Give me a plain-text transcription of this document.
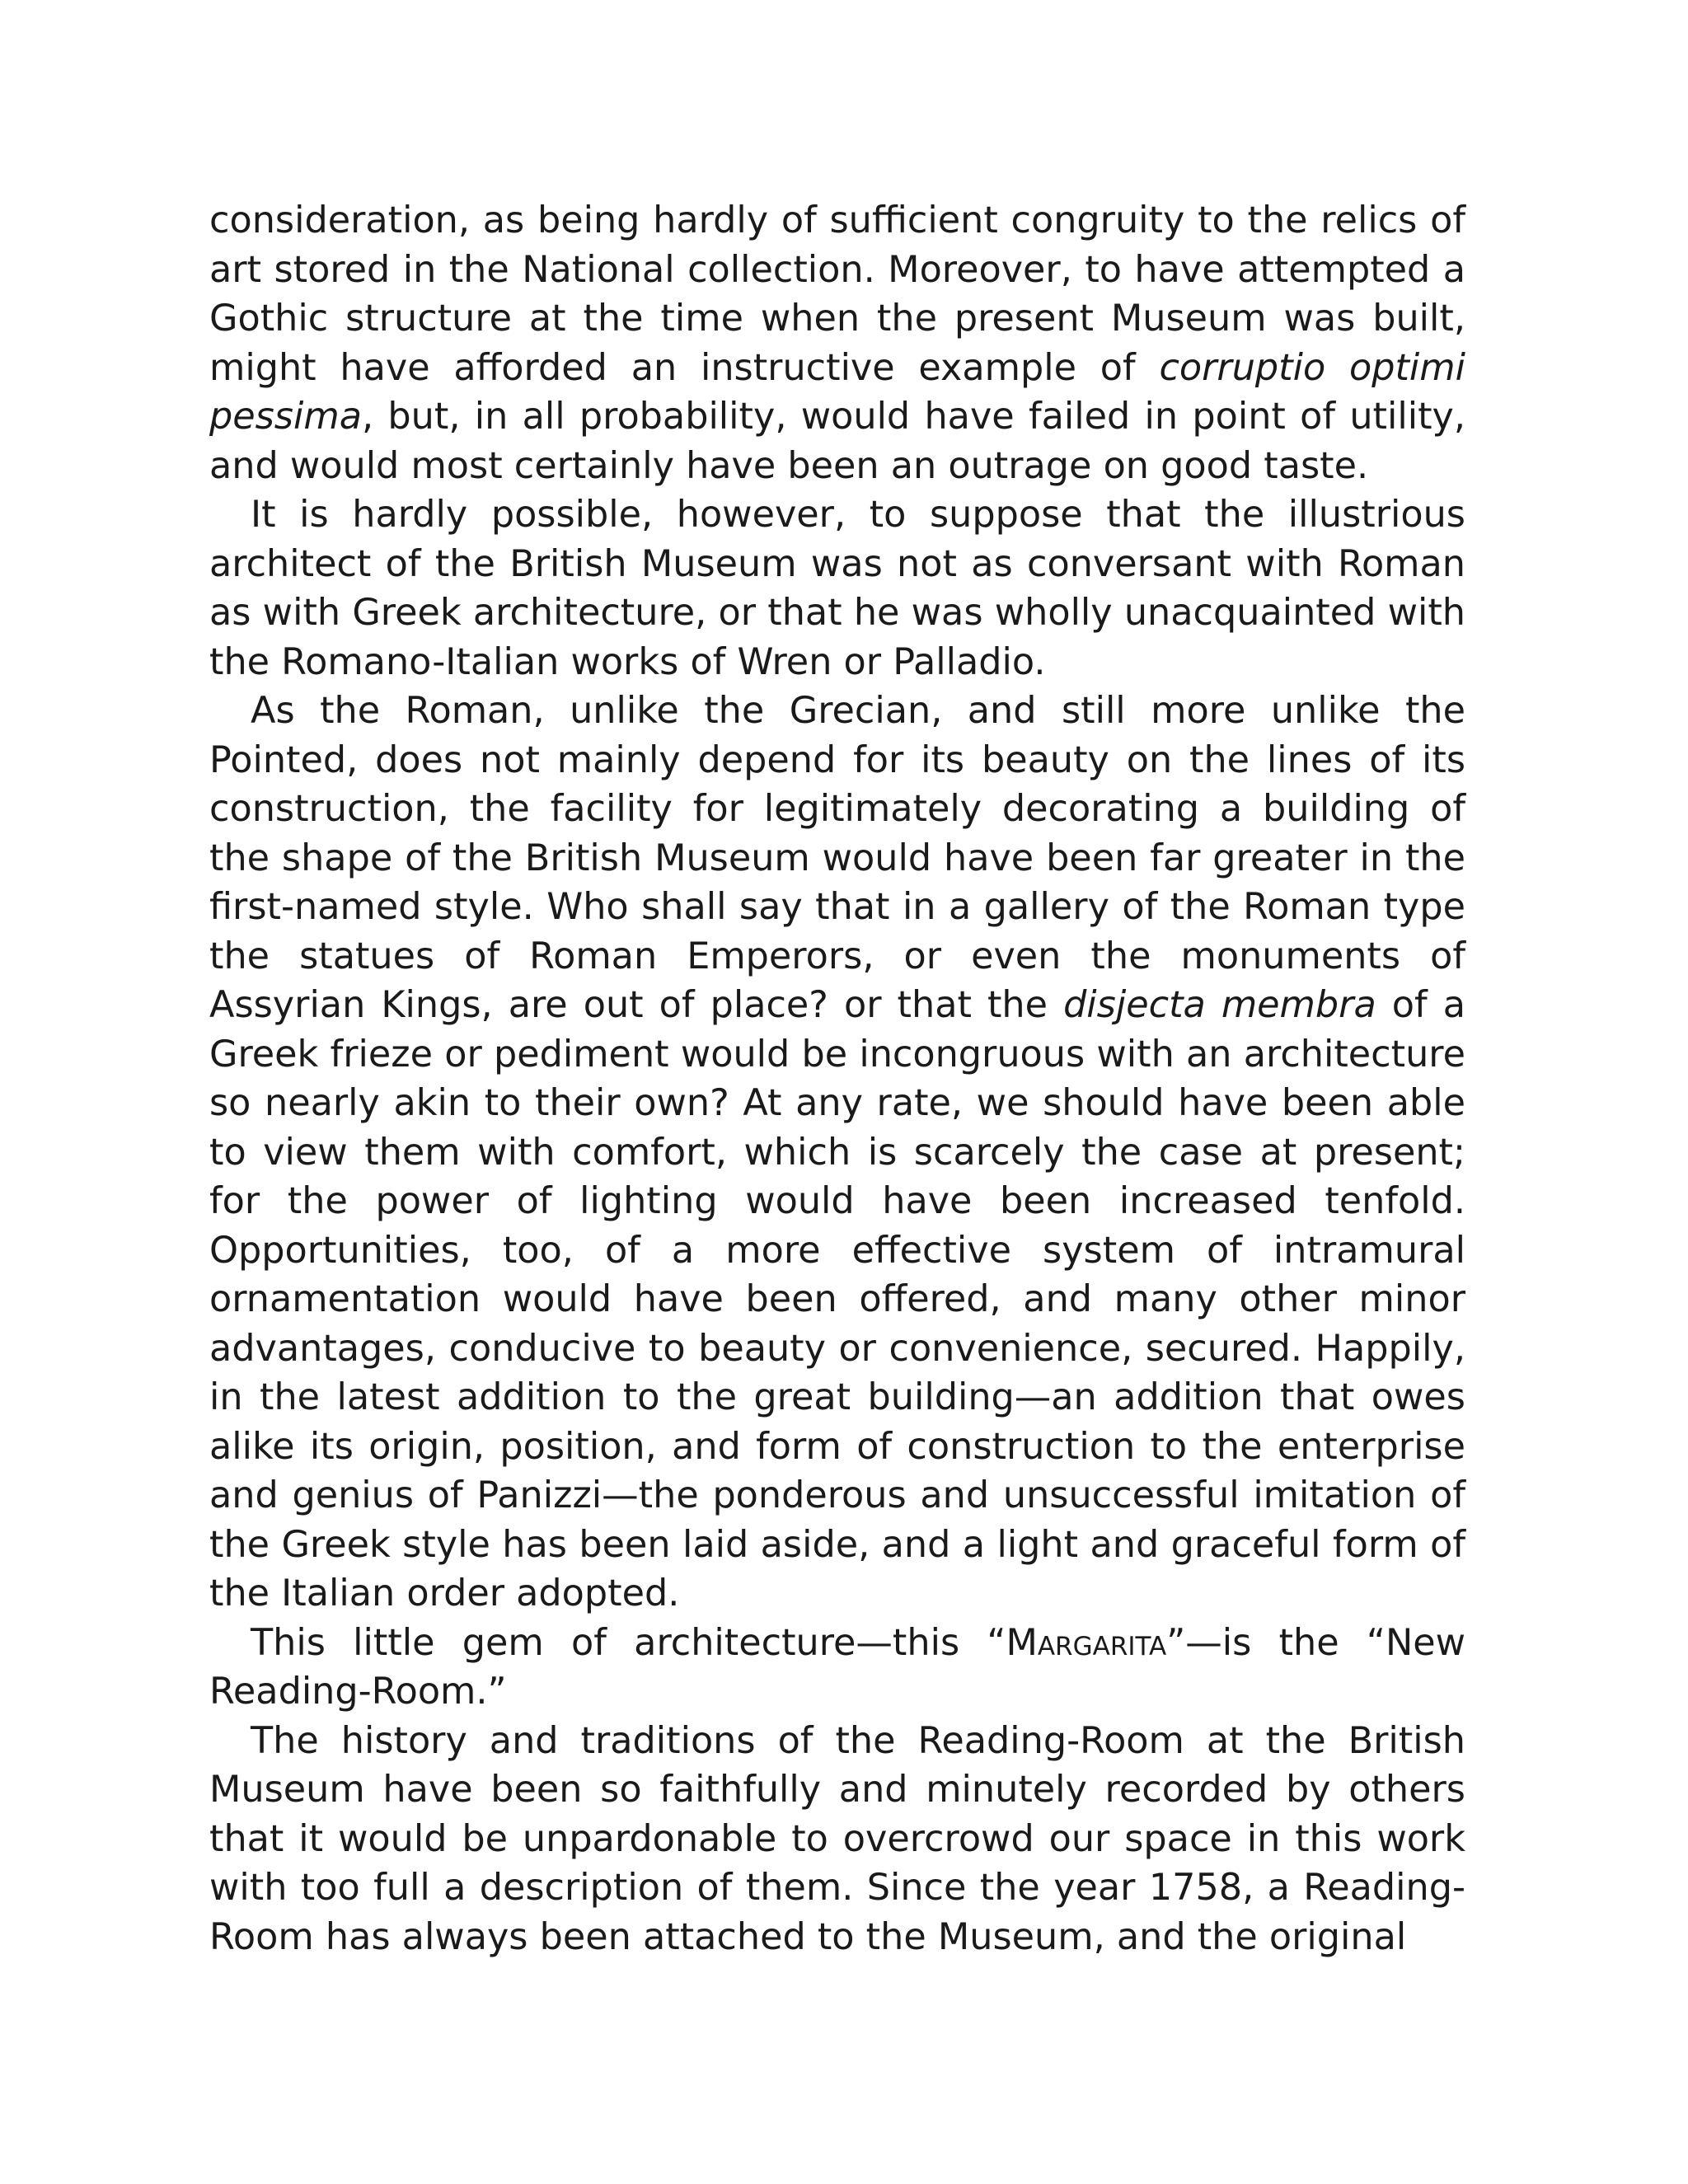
consideration, as being hardly of sufficient congruity to the relics of art stored in the National collection. Moreover, to have attempted a Gothic structure at the time when the present Museum was built, might have afforded an instructive example of corruptio optimi pessima, but, in all probability, would have failed in point of utility, and would most certainly have been an outrage on good taste.

It is hardly possible, however, to suppose that the illustrious architect of the British Museum was not as conversant with Roman as with Greek architecture, or that he was wholly unacquainted with the Romano-Italian works of Wren or Palladio.

As the Roman, unlike the Grecian, and still more unlike the Pointed, does not mainly depend for its beauty on the lines of its construction, the facility for legitimately decorating a building of the shape of the British Museum would have been far greater in the first-named style. Who shall say that in a gallery of the Roman type the statues of Roman Emperors, or even the monuments of Assyrian Kings, are out of place? or that the disjecta membra of a Greek frieze or pediment would be incongruous with an architecture so nearly akin to their own? At any rate, we should have been able to view them with comfort, which is scarcely the case at present; for the power of lighting would have been increased tenfold. Opportunities, too, of a more effective system of intramural ornamentation would have been offered, and many other minor advantages, conducive to beauty or convenience, secured. Happily, in the latest addition to the great building—an addition that owes alike its origin, position, and form of construction to the enterprise and genius of Panizzi—the ponderous and unsuccessful imitation of the Greek style has been laid aside, and a light and graceful form of the Italian order adopted.

This little gem of architecture—this “Margarita”—is the “New Reading-Room.”

The history and traditions of the Reading-Room at the British Museum have been so faithfully and minutely recorded by others that it would be unpardonable to overcrowd our space in this work with too full a description of them. Since the year 1758, a Reading-Room has always been attached to the Museum, and the original
